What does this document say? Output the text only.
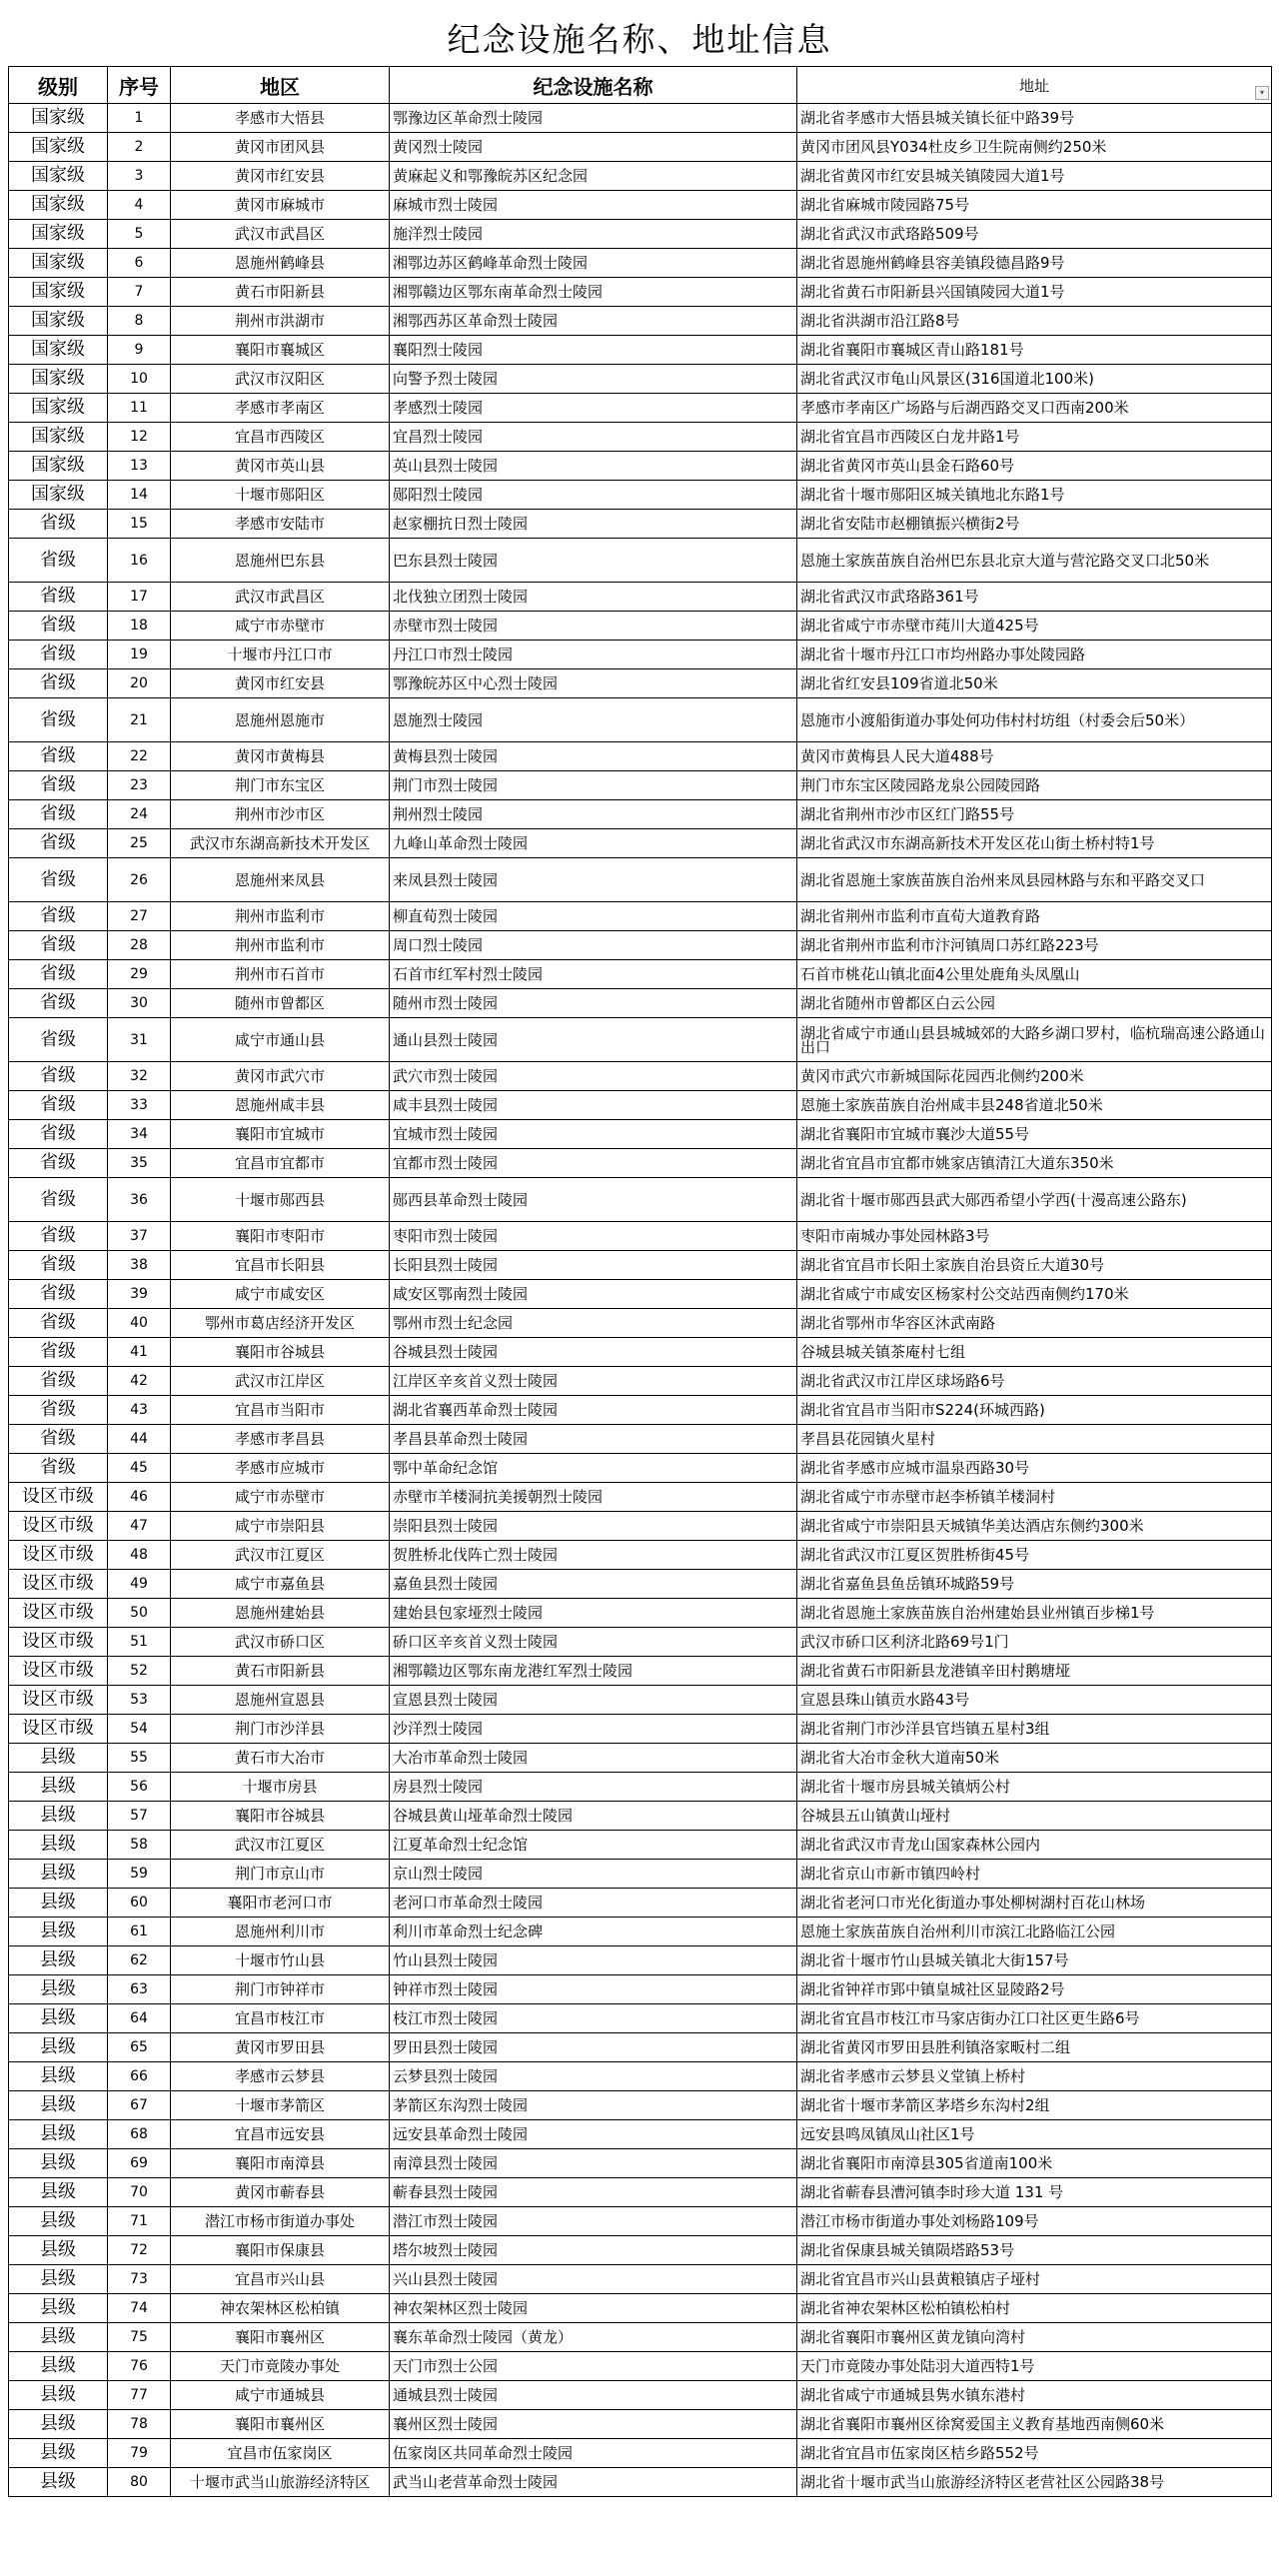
纪念设施名称、地址信息
级别	序号	地区	纪念设施名称	地址 ▾

国家级	1	孝感市大悟县	鄂豫边区革命烈士陵园	湖北省孝感市大悟县城关镇长征中路39号
国家级	2	黄冈市团风县	黄冈烈士陵园	黄冈市团风县Y034杜皮乡卫生院南侧约250米
国家级	3	黄冈市红安县	黄麻起义和鄂豫皖苏区纪念园	湖北省黄冈市红安县城关镇陵园大道1号
国家级	4	黄冈市麻城市	麻城市烈士陵园	湖北省麻城市陵园路75号
国家级	5	武汉市武昌区	施洋烈士陵园	湖北省武汉市武珞路509号
国家级	6	恩施州鹤峰县	湘鄂边苏区鹤峰革命烈士陵园	湖北省恩施州鹤峰县容美镇段德昌路9号
国家级	7	黄石市阳新县	湘鄂赣边区鄂东南革命烈士陵园	湖北省黄石市阳新县兴国镇陵园大道1号
国家级	8	荆州市洪湖市	湘鄂西苏区革命烈士陵园	湖北省洪湖市沿江路8号
国家级	9	襄阳市襄城区	襄阳烈士陵园	湖北省襄阳市襄城区青山路181号
国家级	10	武汉市汉阳区	向警予烈士陵园	湖北省武汉市龟山风景区(316国道北100米)
国家级	11	孝感市孝南区	孝感烈士陵园	孝感市孝南区广场路与后湖西路交叉口西南200米
国家级	12	宜昌市西陵区	宜昌烈士陵园	湖北省宜昌市西陵区白龙井路1号
国家级	13	黄冈市英山县	英山县烈士陵园	湖北省黄冈市英山县金石路60号
国家级	14	十堰市郧阳区	郧阳烈士陵园	湖北省十堰市郧阳区城关镇地北东路1号
省级	15	孝感市安陆市	赵家棚抗日烈士陵园	湖北省安陆市赵棚镇振兴横街2号
省级	16	恩施州巴东县	巴东县烈士陵园	恩施土家族苗族自治州巴东县北京大道与营沱路交叉口北50米
省级	17	武汉市武昌区	北伐独立团烈士陵园	湖北省武汉市武珞路361号
省级	18	咸宁市赤壁市	赤壁市烈士陵园	湖北省咸宁市赤壁市莼川大道425号
省级	19	十堰市丹江口市	丹江口市烈士陵园	湖北省十堰市丹江口市均州路办事处陵园路
省级	20	黄冈市红安县	鄂豫皖苏区中心烈士陵园	湖北省红安县109省道北50米
省级	21	恩施州恩施市	恩施烈士陵园	恩施市小渡船街道办事处何功伟村村坊组（村委会后50米）
省级	22	黄冈市黄梅县	黄梅县烈士陵园	黄冈市黄梅县人民大道488号
省级	23	荆门市东宝区	荆门市烈士陵园	荆门市东宝区陵园路龙泉公园陵园路
省级	24	荆州市沙市区	荆州烈士陵园	湖北省荆州市沙市区红门路55号
省级	25	武汉市东湖高新技术开发区	九峰山革命烈士陵园	湖北省武汉市东湖高新技术开发区花山街土桥村特1号
省级	26	恩施州来凤县	来凤县烈士陵园	湖北省恩施土家族苗族自治州来凤县园林路与东和平路交叉口
省级	27	荆州市监利市	柳直荀烈士陵园	湖北省荆州市监利市直荀大道教育路
省级	28	荆州市监利市	周口烈士陵园	湖北省荆州市监利市汴河镇周口苏红路223号
省级	29	荆州市石首市	石首市红军村烈士陵园	石首市桃花山镇北面4公里处鹿角头凤凰山
省级	30	随州市曾都区	随州市烈士陵园	湖北省随州市曾都区白云公园
省级	31	咸宁市通山县	通山县烈士陵园	湖北省咸宁市通山县县城城郊的大路乡湖口罗村，临杭瑞高速公路通山出口
省级	32	黄冈市武穴市	武穴市烈士陵园	黄冈市武穴市新城国际花园西北侧约200米
省级	33	恩施州咸丰县	咸丰县烈士陵园	恩施土家族苗族自治州咸丰县248省道北50米
省级	34	襄阳市宜城市	宜城市烈士陵园	湖北省襄阳市宜城市襄沙大道55号
省级	35	宜昌市宜都市	宜都市烈士陵园	湖北省宜昌市宜都市姚家店镇清江大道东350米
省级	36	十堰市郧西县	郧西县革命烈士陵园	湖北省十堰市郧西县武大郧西希望小学西(十漫高速公路东)
省级	37	襄阳市枣阳市	枣阳市烈士陵园	枣阳市南城办事处园林路3号
省级	38	宜昌市长阳县	长阳县烈士陵园	湖北省宜昌市长阳土家族自治县资丘大道30号
省级	39	咸宁市咸安区	咸安区鄂南烈士陵园	湖北省咸宁市咸安区杨家村公交站西南侧约170米
省级	40	鄂州市葛店经济开发区	鄂州市烈士纪念园	湖北省鄂州市华容区沐武南路
省级	41	襄阳市谷城县	谷城县烈士陵园	谷城县城关镇茶庵村七组
省级	42	武汉市江岸区	江岸区辛亥首义烈士陵园	湖北省武汉市江岸区球场路6号
省级	43	宜昌市当阳市	湖北省襄西革命烈士陵园	湖北省宜昌市当阳市S224(环城西路)
省级	44	孝感市孝昌县	孝昌县革命烈士陵园	孝昌县花园镇火星村
省级	45	孝感市应城市	鄂中革命纪念馆	湖北省孝感市应城市温泉西路30号
设区市级	46	咸宁市赤壁市	赤壁市羊楼洞抗美援朝烈士陵园	湖北省咸宁市赤壁市赵李桥镇羊楼洞村
设区市级	47	咸宁市崇阳县	崇阳县烈士陵园	湖北省咸宁市崇阳县天城镇华美达酒店东侧约300米
设区市级	48	武汉市江夏区	贺胜桥北伐阵亡烈士陵园	湖北省武汉市江夏区贺胜桥街45号
设区市级	49	咸宁市嘉鱼县	嘉鱼县烈士陵园	湖北省嘉鱼县鱼岳镇环城路59号
设区市级	50	恩施州建始县	建始县包家垭烈士陵园	湖北省恩施土家族苗族自治州建始县业州镇百步梯1号
设区市级	51	武汉市硚口区	硚口区辛亥首义烈士陵园	武汉市硚口区利济北路69号1门
设区市级	52	黄石市阳新县	湘鄂赣边区鄂东南龙港红军烈士陵园	湖北省黄石市阳新县龙港镇辛田村鹅塘垭
设区市级	53	恩施州宣恩县	宣恩县烈士陵园	宣恩县珠山镇贡水路43号
设区市级	54	荆门市沙洋县	沙洋烈士陵园	湖北省荆门市沙洋县官垱镇五星村3组
县级	55	黄石市大冶市	大冶市革命烈士陵园	湖北省大冶市金秋大道南50米
县级	56	十堰市房县	房县烈士陵园	湖北省十堰市房县城关镇炳公村
县级	57	襄阳市谷城县	谷城县黄山垭革命烈士陵园	谷城县五山镇黄山垭村
县级	58	武汉市江夏区	江夏革命烈士纪念馆	湖北省武汉市青龙山国家森林公园内
县级	59	荆门市京山市	京山烈士陵园	湖北省京山市新市镇四岭村
县级	60	襄阳市老河口市	老河口市革命烈士陵园	湖北省老河口市光化街道办事处柳树湖村百花山林场
县级	61	恩施州利川市	利川市革命烈士纪念碑	恩施土家族苗族自治州利川市滨江北路临江公园
县级	62	十堰市竹山县	竹山县烈士陵园	湖北省十堰市竹山县城关镇北大街157号
县级	63	荆门市钟祥市	钟祥市烈士陵园	湖北省钟祥市郢中镇皇城社区显陵路2号
县级	64	宜昌市枝江市	枝江市烈士陵园	湖北省宜昌市枝江市马家店街办江口社区更生路6号
县级	65	黄冈市罗田县	罗田县烈士陵园	湖北省黄冈市罗田县胜利镇洛家畈村二组
县级	66	孝感市云梦县	云梦县烈士陵园	湖北省孝感市云梦县义堂镇上桥村
县级	67	十堰市茅箭区	茅箭区东沟烈士陵园	湖北省十堰市茅箭区茅塔乡东沟村2组
县级	68	宜昌市远安县	远安县革命烈士陵园	远安县鸣凤镇凤山社区1号
县级	69	襄阳市南漳县	南漳县烈士陵园	湖北省襄阳市南漳县305省道南100米
县级	70	黄冈市蕲春县	蕲春县烈士陵园	湖北省蕲春县漕河镇李时珍大道 131 号
县级	71	潜江市杨市街道办事处	潜江市烈士陵园	潜江市杨市街道办事处刘杨路109号
县级	72	襄阳市保康县	塔尔坡烈士陵园	湖北省保康县城关镇陨塔路53号
县级	73	宜昌市兴山县	兴山县烈士陵园	湖北省宜昌市兴山县黄粮镇店子垭村
县级	74	神农架林区松柏镇	神农架林区烈士陵园	湖北省神农架林区松柏镇松柏村
县级	75	襄阳市襄州区	襄东革命烈士陵园（黄龙）	湖北省襄阳市襄州区黄龙镇向湾村
县级	76	天门市竟陵办事处	天门市烈士公园	天门市竟陵办事处陆羽大道西特1号
县级	77	咸宁市通城县	通城县烈士陵园	湖北省咸宁市通城县隽水镇东港村
县级	78	襄阳市襄州区	襄州区烈士陵园	湖北省襄阳市襄州区徐窝爱国主义教育基地西南侧60米
县级	79	宜昌市伍家岗区	伍家岗区共同革命烈士陵园	湖北省宜昌市伍家岗区桔乡路552号
县级	80	十堰市武当山旅游经济特区	武当山老营革命烈士陵园	湖北省十堰市武当山旅游经济特区老营社区公园路38号
